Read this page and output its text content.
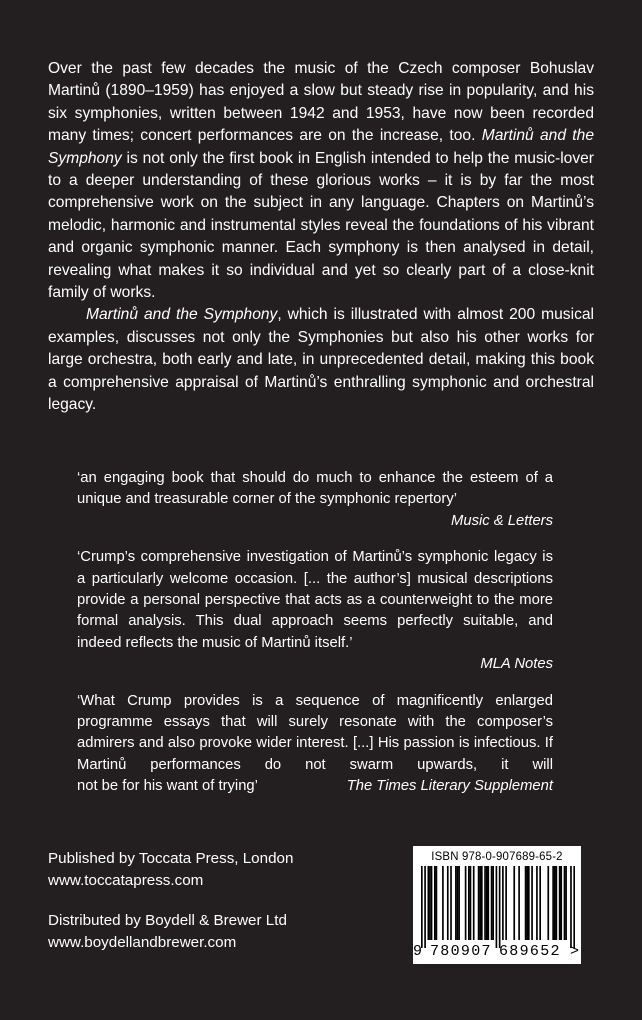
Over the past few decades the music of the Czech composer Bohuslav Martinů (1890–1959) has enjoyed a slow but steady rise in popularity, and his six symphonies, written between 1942 and 1953, have now been recorded many times; concert performances are on the increase, too. Martinů and the Symphony is not only the first book in English intended to help the music-lover to a deeper understanding of these glorious works – it is by far the most comprehensive work on the subject in any language. Chapters on Martinů’s melodic, harmonic and instrumental styles reveal the foundations of his vibrant and organic symphonic manner. Each symphony is then analysed in detail, revealing what makes it so individual and yet so clearly part of a close-knit family of works.

Martinů and the Symphony, which is illustrated with almost 200 musical examples, discusses not only the Symphonies but also his other works for large orchestra, both early and late, in unprecedented detail, making this book a comprehensive appraisal of Martinů’s enthralling symphonic and orchestral legacy.

‘an engaging book that should do much to enhance the esteem of a unique and treasurable corner of the symphonic repertory’

Music & Letters

‘Crump’s comprehensive investigation of Martinů’s symphonic legacy is a particularly welcome occasion. [... the author’s] musical descriptions provide a personal perspective that acts as a counterweight to the more formal analysis. This dual approach seems perfectly suitable, and indeed reflects the music of Martinů itself.’

MLA Notes

‘What Crump provides is a sequence of magnificently enlarged programme essays that will surely resonate with the composer’s admirers and also provoke wider interest. [...] His passion is infectious. If Martinů performances do not swarm upwards, it will

not be for his want of trying’	The Times Literary Supplement
Published by Toccata Press, London
www.toccatapress.com
Distributed by Boydell & Brewer Ltd
www.boydellandbrewer.com
ISBN 978-0-907689-65-2
9 780907 689652 >
